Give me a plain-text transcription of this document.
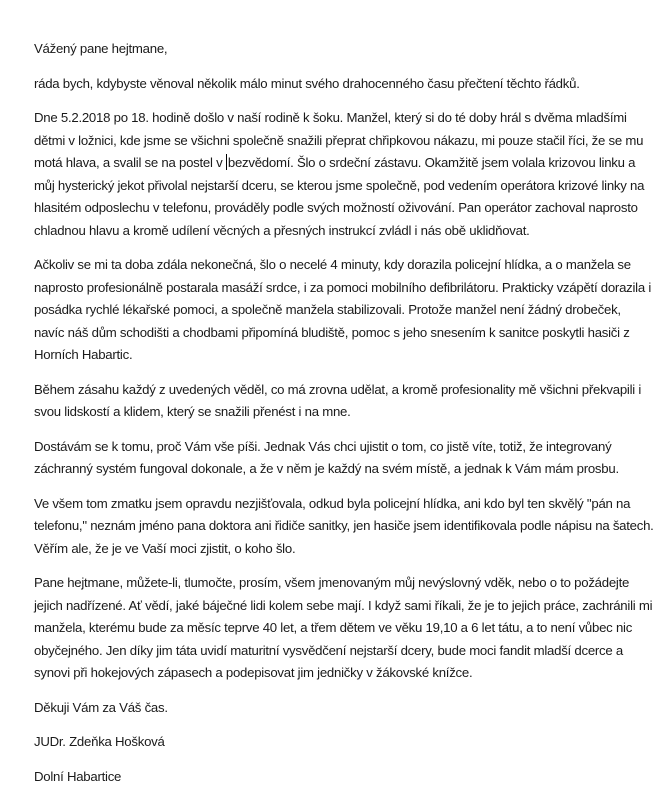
Vážený pane hejtmane,

ráda bych, kdybyste věnoval několik málo minut svého drahocenného času přečtení těchto řádků.

Dne 5.2.2018 po 18. hodině došlo v naší rodině k šoku. Manžel, který si do té doby hrál s dvěma mladšími dětmi v ložnici, kde jsme se všichni společně snažili přeprat chřipkovou nákazu, mi pouze stačil říci, že se mu motá hlava, a svalil se na postel v bezvědomí. Šlo o srdeční zástavu. Okamžitě jsem volala krizovou linku a můj hysterický jekot přivolal nejstarší dceru, se kterou jsme společně, pod vedením operátora krizové linky na hlasitém odposlechu v telefonu, prováděly podle svých možností oživování. Pan operátor zachoval naprosto chladnou hlavu a kromě udílení věcných a přesných instrukcí zvládl i nás obě uklidňovat.

Ačkoliv se mi ta doba zdála nekonečná, šlo o necelé 4 minuty, kdy dorazila policejní hlídka, a o manžela se naprosto profesionálně postarala masáží srdce, i za pomoci mobilního defibrilátoru. Prakticky vzápětí dorazila i posádka rychlé lékařské pomoci, a společně manžela stabilizovali. Protože manžel není žádný drobeček, navíc náš dům schodišti a chodbami připomíná bludiště, pomoc s jeho snesením k sanitce poskytli hasiči z Horních Habartic.

Během zásahu každý z uvedených věděl, co má zrovna udělat, a kromě profesionality mě všichni překvapili i svou lidskostí a klidem, který se snažili přenést i na mne.

Dostávám se k tomu, proč Vám vše píši. Jednak Vás chci ujistit o tom, co jistě víte, totiž, že integrovaný záchranný systém fungoval dokonale, a že v něm je každý na svém místě, a jednak k Vám mám prosbu.

Ve všem tom zmatku jsem opravdu nezjišťovala, odkud byla policejní hlídka, ani kdo byl ten skvělý "pán na telefonu," neznám jméno pana doktora ani řidiče sanitky, jen hasiče jsem identifikovala podle nápisu na šatech. Věřím ale, že je ve Vaší moci zjistit, o koho šlo.

Pane hejtmane, můžete-li, tlumočte, prosím, všem jmenovaným můj nevýslovný vděk, nebo o to požádejte jejich nadřízené. Ať vědí, jaké báječné lidi kolem sebe mají. I když sami říkali, že je to jejich práce, zachránili mi manžela, kterému bude za měsíc teprve 40 let, a třem dětem ve věku 19,10 a 6 let tátu, a to není vůbec nic obyčejného. Jen díky jim táta uvidí maturitní vysvědčení nejstarší dcery, bude moci fandit mladší dcerce a synovi při hokejových zápasech a podepisovat jim jedničky v žákovské knížce.

Děkuji Vám za Váš čas.

JUDr. Zdeňka Hošková

Dolní Habartice
